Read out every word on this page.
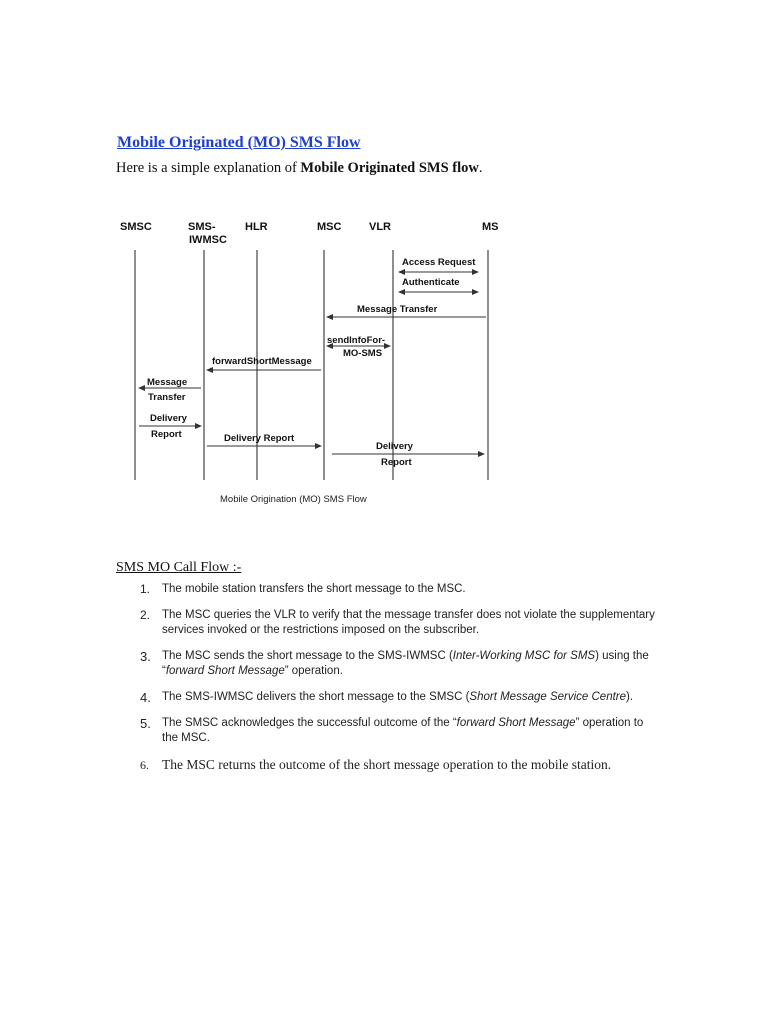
Mobile Originated (MO) SMS Flow
Here is a simple explanation of Mobile Originated SMS flow.
SMSC	SMS-
IWMSC
HLR	MSC	VLR	MS
Access Request
Authenticate
Message Transfer
sendInfoFor-
MO-SMS
forwardShortMessage
Message
Transfer
Delivery
Report	Delivery Report
Delivery
Report
Mobile Origination (MO) SMS Flow
SMS MO Call Flow :-
1. The mobile station transfers the short message to the MSC.
2. The MSC queries the VLR to verify that the message transfer does not violate the supplementary services invoked or the restrictions imposed on the subscriber.
3. The MSC sends the short message to the SMS-IWMSC (Inter-Working MSC for SMS) using the “forward Short Message” operation.
4. The SMS-IWMSC delivers the short message to the SMSC (Short Message Service Centre).
5. The SMSC acknowledges the successful outcome of the “forward Short Message” operation to the MSC.
6. The MSC returns the outcome of the short message operation to the mobile station.
